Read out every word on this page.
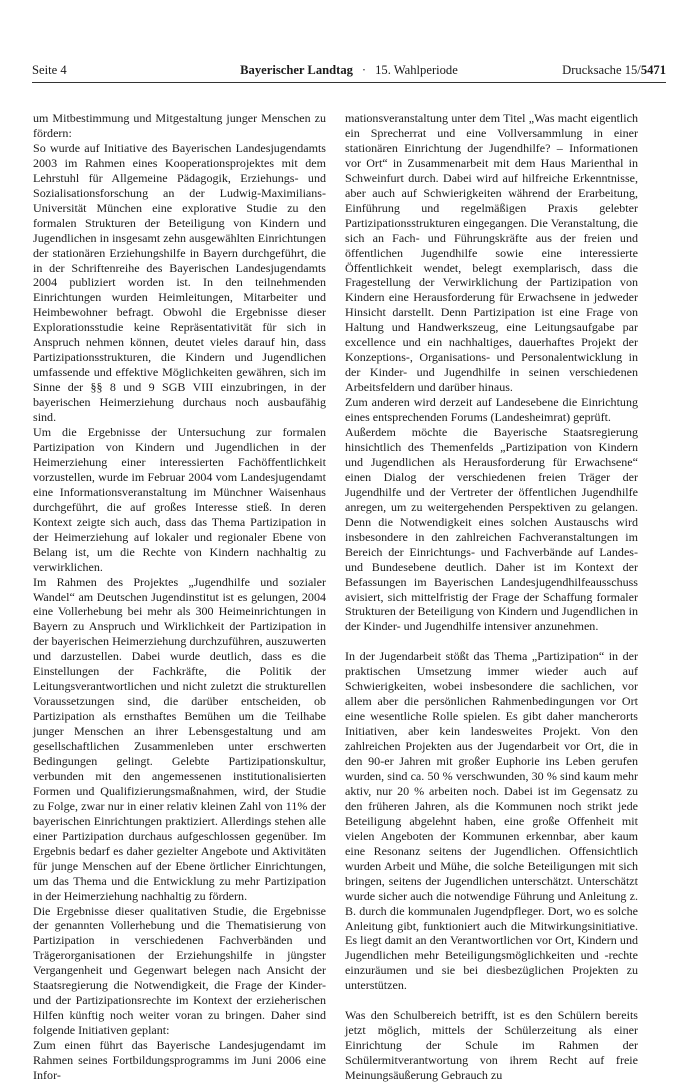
Seite 4	Bayerischer Landtag · 15. Wahlperiode	Drucksache 15/5471

um Mitbestimmung und Mitgestaltung junger Menschen zu fördern:

So wurde auf Initiative des Bayerischen Landesjugendamts 2003 im Rahmen eines Kooperationsprojektes mit dem Lehrstuhl für Allgemeine Pädagogik, Erziehungs- und Sozialisationsforschung an der Ludwig-Maximilians-Universität München eine explorative Studie zu den formalen Strukturen der Beteiligung von Kindern und Jugendlichen in insgesamt zehn ausgewählten Einrichtungen der stationären Erziehungshilfe in Bayern durchgeführt, die in der Schriftenreihe des Bayerischen Landesjugendamts 2004 publiziert worden ist. In den teilnehmenden Einrichtungen wurden Heimleitungen, Mitarbeiter und Heimbewohner befragt. Obwohl die Ergebnisse dieser Explorationsstudie keine Repräsentativität für sich in Anspruch nehmen können, deutet vieles darauf hin, dass Partizipationsstrukturen, die Kindern und Jugendlichen umfassende und effektive Möglichkeiten gewähren, sich im Sinne der §§ 8 und 9 SGB VIII einzubringen, in der bayerischen Heimerziehung durchaus noch ausbaufähig sind.

Um die Ergebnisse der Untersuchung zur formalen Partizipation von Kindern und Jugendlichen in der Heimerziehung einer interessierten Fachöffentlichkeit vorzustellen, wurde im Februar 2004 vom Landesjugendamt eine Informationsveranstaltung im Münchner Waisenhaus durchgeführt, die auf großes Interesse stieß. In deren Kontext zeigte sich auch, dass das Thema Partizipation in der Heimerziehung auf lokaler und regionaler Ebene von Belang ist, um die Rechte von Kindern nachhaltig zu verwirklichen.

Im Rahmen des Projektes „Jugendhilfe und sozialer Wandel“ am Deutschen Jugendinstitut ist es gelungen, 2004 eine Vollerhebung bei mehr als 300 Heimeinrichtungen in Bayern zu Anspruch und Wirklichkeit der Partizipation in der bayerischen Heimerziehung durchzuführen, auszuwerten und darzustellen. Dabei wurde deutlich, dass es die Einstellungen der Fachkräfte, die Politik der Leitungsverantwortlichen und nicht zuletzt die strukturellen Voraussetzungen sind, die darüber entscheiden, ob Partizipation als ernsthaftes Bemühen um die Teilhabe junger Menschen an ihrer Lebensgestaltung und am gesellschaftlichen Zusammenleben unter erschwerten Bedingungen gelingt. Gelebte Partizipationskultur, verbunden mit den angemessenen institutionalisierten Formen und Qualifizierungsmaßnahmen, wird, der Studie zu Folge, zwar nur in einer relativ kleinen Zahl von 11% der bayerischen Einrichtungen praktiziert. Allerdings stehen alle einer Partizipation durchaus aufgeschlossen gegenüber. Im Ergebnis bedarf es daher gezielter Angebote und Aktivitäten für junge Menschen auf der Ebene örtlicher Einrichtungen, um das Thema und die Entwicklung zu mehr Partizipation in der Heimerziehung nachhaltig zu fördern.

Die Ergebnisse dieser qualitativen Studie, die Ergebnisse der genannten Vollerhebung und die Thematisierung von Partizipation in verschiedenen Fachverbänden und Trägerorganisationen der Erziehungshilfe in jüngster Vergangenheit und Gegenwart belegen nach Ansicht der Staatsregierung die Notwendigkeit, die Frage der Kinder- und der Partizipationsrechte im Kontext der erzieherischen Hilfen künftig noch weiter voran zu bringen. Daher sind folgende Initiativen geplant:

Zum einen führt das Bayerische Landesjugendamt im Rahmen seines Fortbildungsprogramms im Juni 2006 eine Infor-

mationsveranstaltung unter dem Titel „Was macht eigentlich ein Sprecherrat und eine Vollversammlung in einer stationären Einrichtung der Jugendhilfe? – Informationen vor Ort“ in Zusammenarbeit mit dem Haus Marienthal in Schweinfurt durch. Dabei wird auf hilfreiche Erkenntnisse, aber auch auf Schwierigkeiten während der Erarbeitung, Einführung und regelmäßigen Praxis gelebter Partizipationsstrukturen eingegangen. Die Veranstaltung, die sich an Fach- und Führungskräfte aus der freien und öffentlichen Jugendhilfe sowie eine interessierte Öffentlichkeit wendet, belegt exemplarisch, dass die Fragestellung der Verwirklichung der Partizipation von Kindern eine Herausforderung für Erwachsene in jedweder Hinsicht darstellt. Denn Partizipation ist eine Frage von Haltung und Handwerkszeug, eine Leitungsaufgabe par excellence und ein nachhaltiges, dauerhaftes Projekt der Konzeptions-, Organisations- und Personalentwicklung in der Kinder- und Jugendhilfe in seinen verschiedenen Arbeitsfeldern und darüber hinaus.

Zum anderen wird derzeit auf Landesebene die Einrichtung eines entsprechenden Forums (Landesheimrat) geprüft.

Außerdem möchte die Bayerische Staatsregierung hinsichtlich des Themenfelds „Partizipation von Kindern und Jugendlichen als Herausforderung für Erwachsene“ einen Dialog der verschiedenen freien Träger der Jugendhilfe und der Vertreter der öffentlichen Jugendhilfe anregen, um zu weitergehenden Perspektiven zu gelangen. Denn die Notwendigkeit eines solchen Austauschs wird insbesondere in den zahlreichen Fachveranstaltungen im Bereich der Einrichtungs- und Fachverbände auf Landes- und Bundesebene deutlich. Daher ist im Kontext der Befassungen im Bayerischen Landesjugendhilfeausschuss avisiert, sich mittelfristig der Frage der Schaffung formaler Strukturen der Beteiligung von Kindern und Jugendlichen in der Kinder- und Jugendhilfe intensiver anzunehmen.

In der Jugendarbeit stößt das Thema „Partizipation“ in der praktischen Umsetzung immer wieder auch auf Schwierigkeiten, wobei insbesondere die sachlichen, vor allem aber die persönlichen Rahmenbedingungen vor Ort eine wesentliche Rolle spielen. Es gibt daher mancherorts Initiativen, aber kein landesweites Projekt. Von den zahlreichen Projekten aus der Jugendarbeit vor Ort, die in den 90-er Jahren mit großer Euphorie ins Leben gerufen wurden, sind ca. 50 % verschwunden, 30 % sind kaum mehr aktiv, nur 20 % arbeiten noch. Dabei ist im Gegensatz zu den früheren Jahren, als die Kommunen noch strikt jede Beteiligung abgelehnt haben, eine große Offenheit mit vielen Angeboten der Kommunen erkennbar, aber kaum eine Resonanz seitens der Jugendlichen. Offensichtlich wurden Arbeit und Mühe, die solche Beteiligungen mit sich bringen, seitens der Jugendlichen unterschätzt. Unterschätzt wurde sicher auch die notwendige Führung und Anleitung z. B. durch die kommunalen Jugendpfleger. Dort, wo es solche Anleitung gibt, funktioniert auch die Mitwirkungsinitiative. Es liegt damit an den Verantwortlichen vor Ort, Kindern und Jugendlichen mehr Beteiligungsmöglichkeiten und -rechte einzuräumen und sie bei diesbezüglichen Projekten zu unterstützen.

Was den Schulbereich betrifft, ist es den Schülern bereits jetzt möglich, mittels der Schülerzeitung als einer Einrichtung der Schule im Rahmen der Schülermitverantwortung von ihrem Recht auf freie Meinungsäußerung Gebrauch zu
